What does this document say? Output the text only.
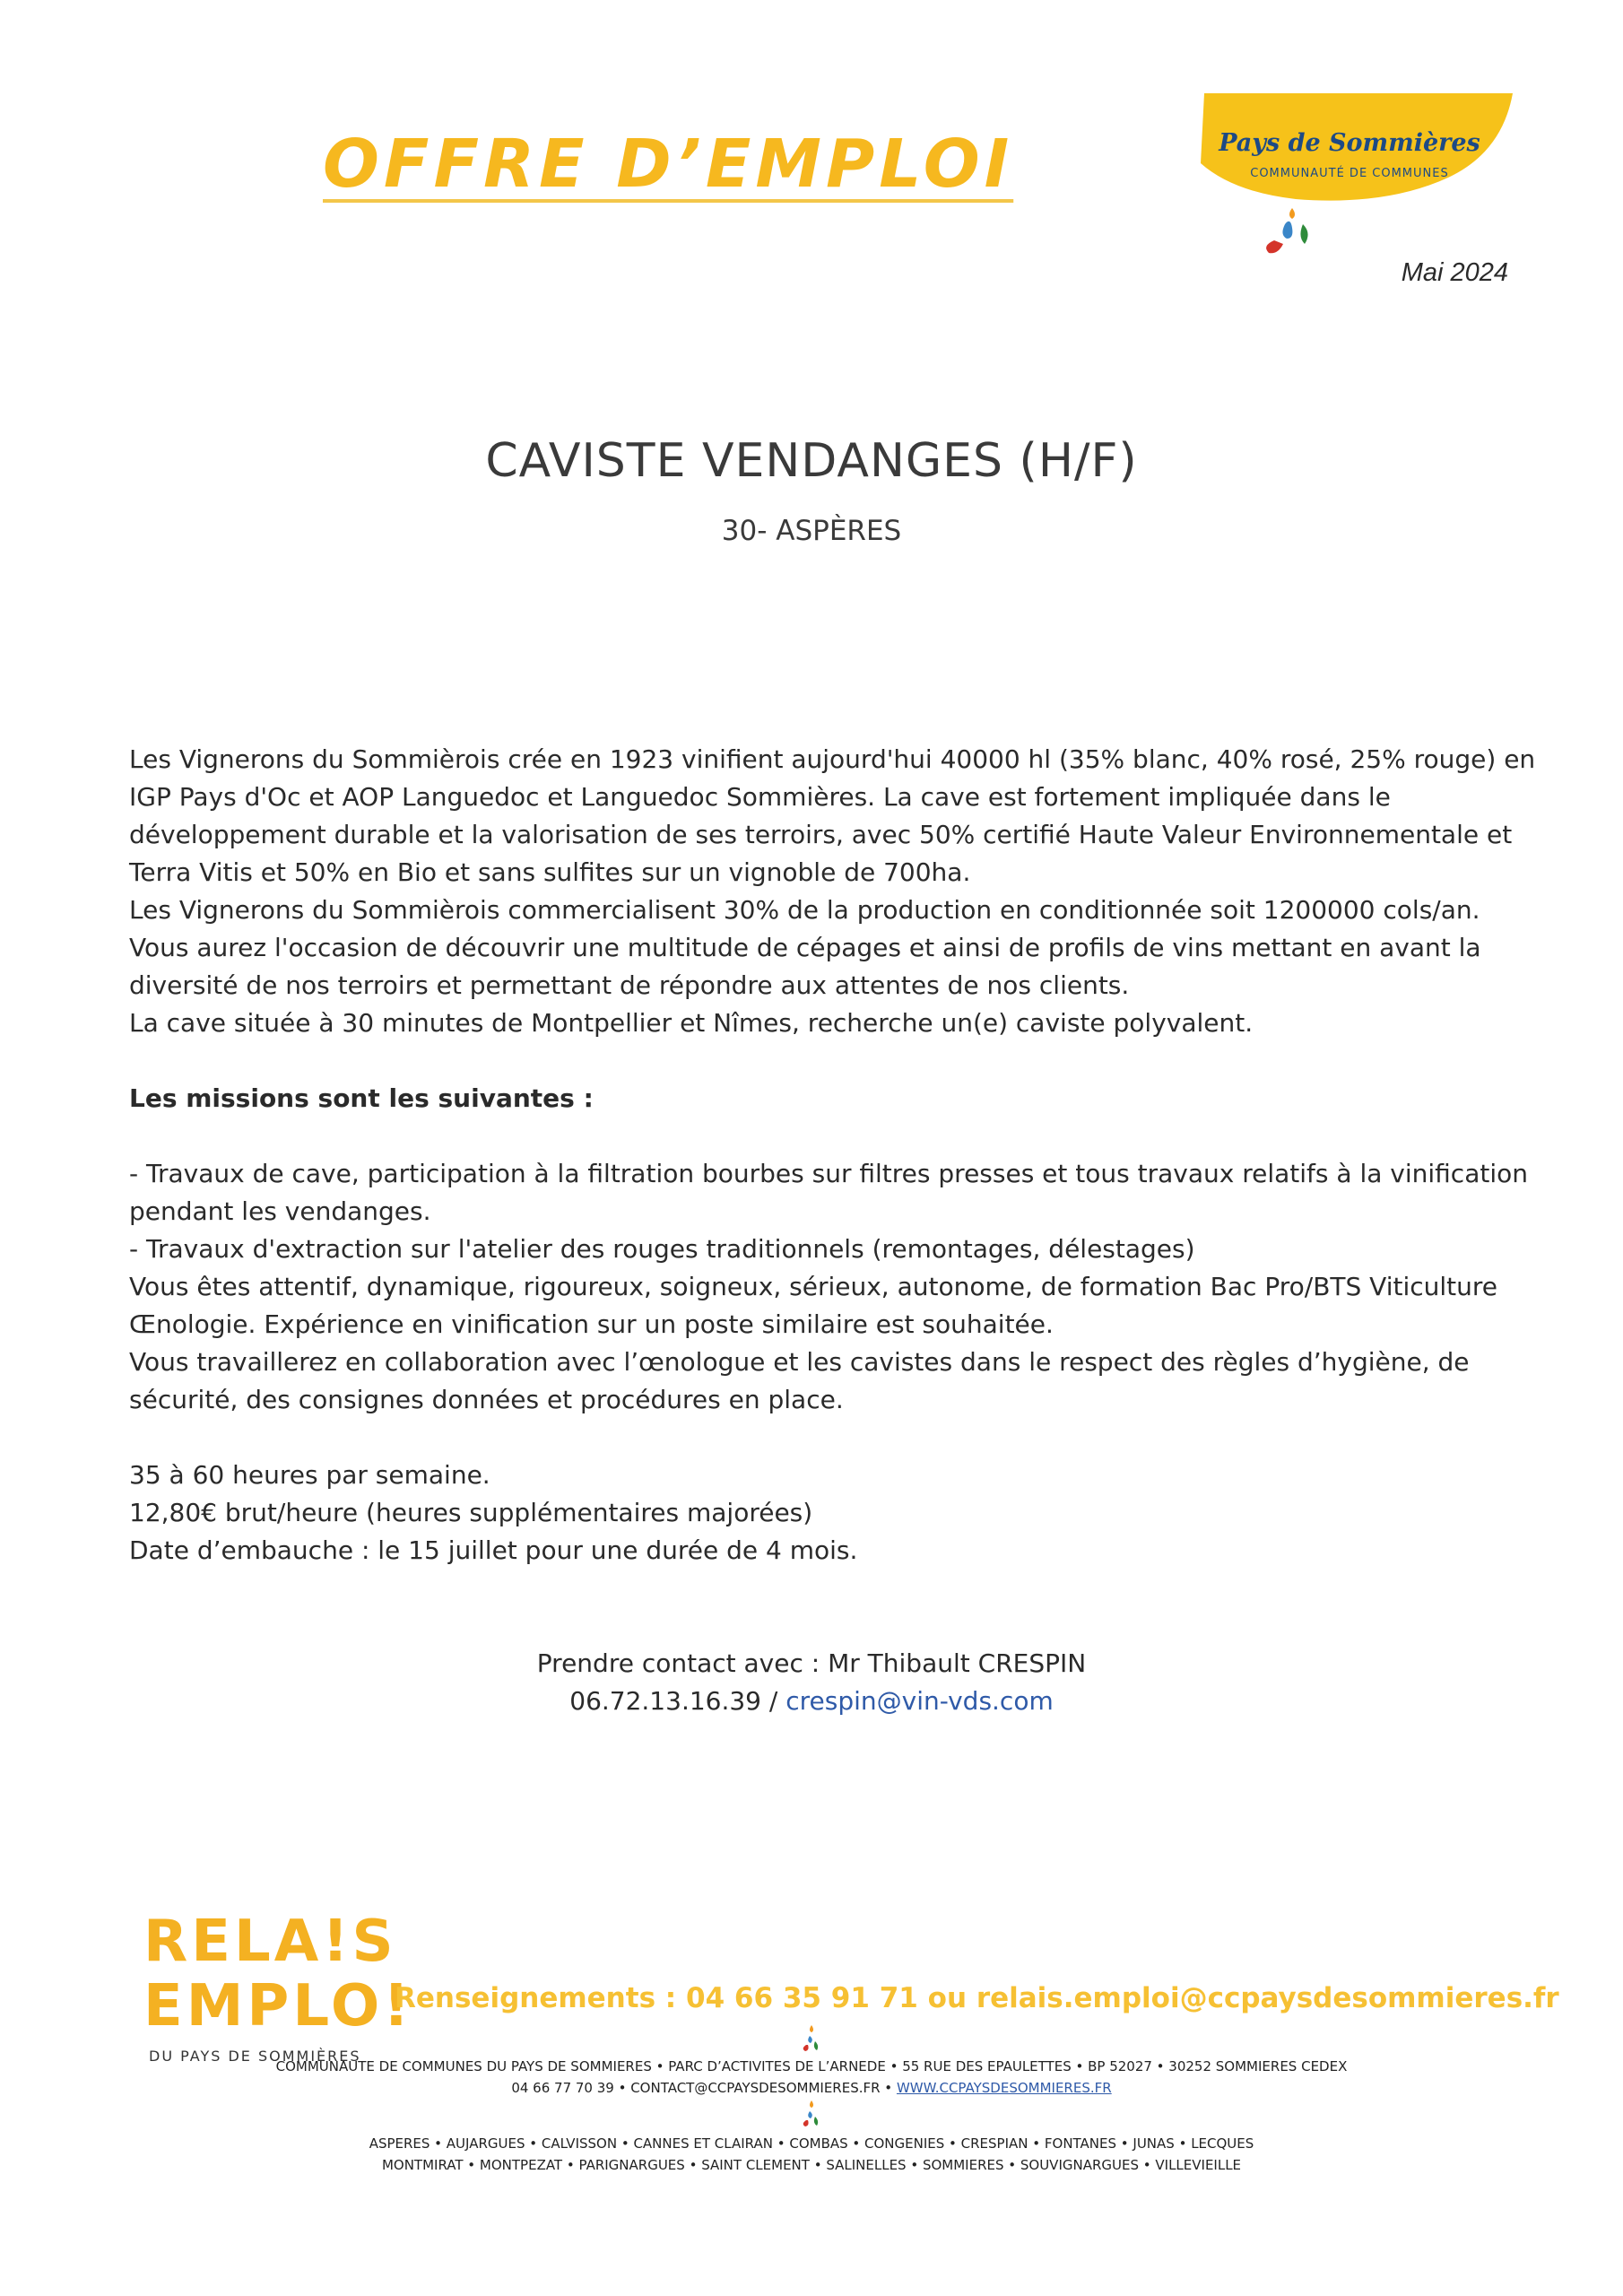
OFFRE D’EMPLOI	Pays de Sommières
COMMUNAUTÉ DE COMMUNES

Mai 2024

CAVISTE VENDANGES (H/F)

30- ASPÈRES

Les Vignerons du Sommièrois crée en 1923 vinifient aujourd'hui 40000 hl (35% blanc, 40% rosé, 25% rouge) en
IGP Pays d'Oc et AOP Languedoc et Languedoc Sommières. La cave est fortement impliquée dans le
développement durable et la valorisation de ses terroirs, avec 50% certifié Haute Valeur Environnementale et
Terra Vitis et 50% en Bio et sans sulfites sur un vignoble de 700ha.
Les Vignerons du Sommièrois commercialisent 30% de la production en conditionnée soit 1200000 cols/an.
Vous aurez l'occasion de découvrir une multitude de cépages et ainsi de profils de vins mettant en avant la
diversité de nos terroirs et permettant de répondre aux attentes de nos clients.
La cave située à 30 minutes de Montpellier et Nîmes, recherche un(e) caviste polyvalent.
Les missions sont les suivantes :
- Travaux de cave, participation à la filtration bourbes sur filtres presses et tous travaux relatifs à la vinification
pendant les vendanges.
- Travaux d'extraction sur l'atelier des rouges traditionnels (remontages, délestages)
Vous êtes attentif, dynamique, rigoureux, soigneux, sérieux, autonome, de formation Bac Pro/BTS Viticulture
Œnologie. Expérience en vinification sur un poste similaire est souhaitée.
Vous travaillerez en collaboration avec l’œnologue et les cavistes dans le respect des règles d’hygiène, de
sécurité, des consignes données et procédures en place.
35 à 60 heures par semaine.
12,80€ brut/heure (heures supplémentaires majorées)
Date d’embauche : le 15 juillet pour une durée de 4 mois.
Prendre contact avec : Mr Thibault CRESPIN
06.72.13.16.39 / crespin@vin-vds.com
RELA!S
EMPLO!
DU PAYS DE SOMMIÈRES

Renseignements : 04 66 35 91 71 ou relais.emploi@ccpaysdesommieres.fr

COMMUNAUTE DE COMMUNES DU PAYS DE SOMMIERES • PARC D’ACTIVITES DE L’ARNEDE • 55 RUE DES EPAULETTES • BP 52027 • 30252 SOMMIERES CEDEX
04 66 77 70 39 • CONTACT@CCPAYSDESOMMIERES.FR • WWW.CCPAYSDESOMMIERES.FR
ASPERES • AUJARGUES • CALVISSON • CANNES ET CLAIRAN • COMBAS • CONGENIES • CRESPIAN • FONTANES • JUNAS • LECQUES
MONTMIRAT • MONTPEZAT • PARIGNARGUES • SAINT CLEMENT • SALINELLES • SOMMIERES • SOUVIGNARGUES • VILLEVIEILLE
